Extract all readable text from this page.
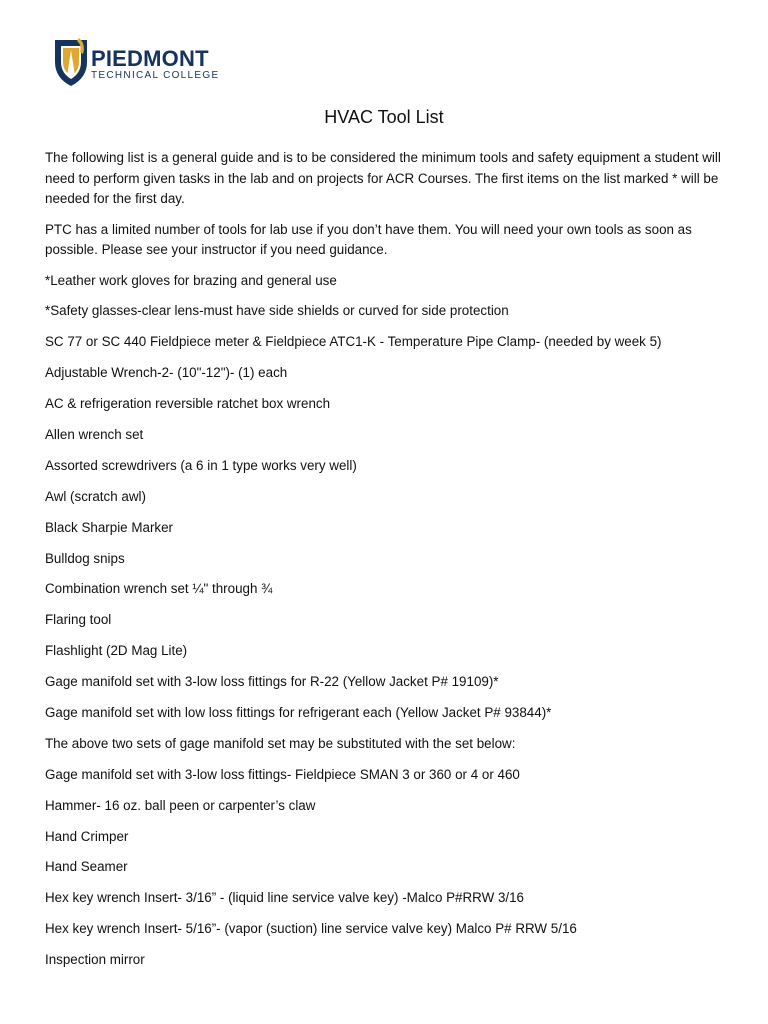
PIEDMONT
TECHNICAL COLLEGE
HVAC Tool List

The following list is a general guide and is to be considered the minimum tools and safety equipment a student will need to perform given tasks in the lab and on projects for ACR Courses. The first items on the list marked * will be needed for the first day.

PTC has a limited number of tools for lab use if you don’t have them. You will need your own tools as soon as possible. Please see your instructor if you need guidance.

*Leather work gloves for brazing and general use

*Safety glasses-clear lens-must have side shields or curved for side protection

SC 77 or SC 440 Fieldpiece meter & Fieldpiece ATC1-K - Temperature Pipe Clamp- (needed by week 5)

Adjustable Wrench-2- (10"-12")- (1) each

AC & refrigeration reversible ratchet box wrench

Allen wrench set

Assorted screwdrivers (a 6 in 1 type works very well)

Awl (scratch awl)

Black Sharpie Marker

Bulldog snips

Combination wrench set ¼" through ¾

Flaring tool

Flashlight (2D Mag Lite)

Gage manifold set with 3-low loss fittings for R-22 (Yellow Jacket P# 19109)*

Gage manifold set with low loss fittings for refrigerant each (Yellow Jacket P# 93844)*

The above two sets of gage manifold set may be substituted with the set below:

Gage manifold set with 3-low loss fittings- Fieldpiece SMAN 3 or 360 or 4 or 460

Hammer- 16 oz. ball peen or carpenter’s claw

Hand Crimper

Hand Seamer

Hex key wrench Insert- 3/16” - (liquid line service valve key) -Malco P#RRW 3/16

Hex key wrench Insert- 5/16”- (vapor (suction) line service valve key) Malco P# RRW 5/16

Inspection mirror
